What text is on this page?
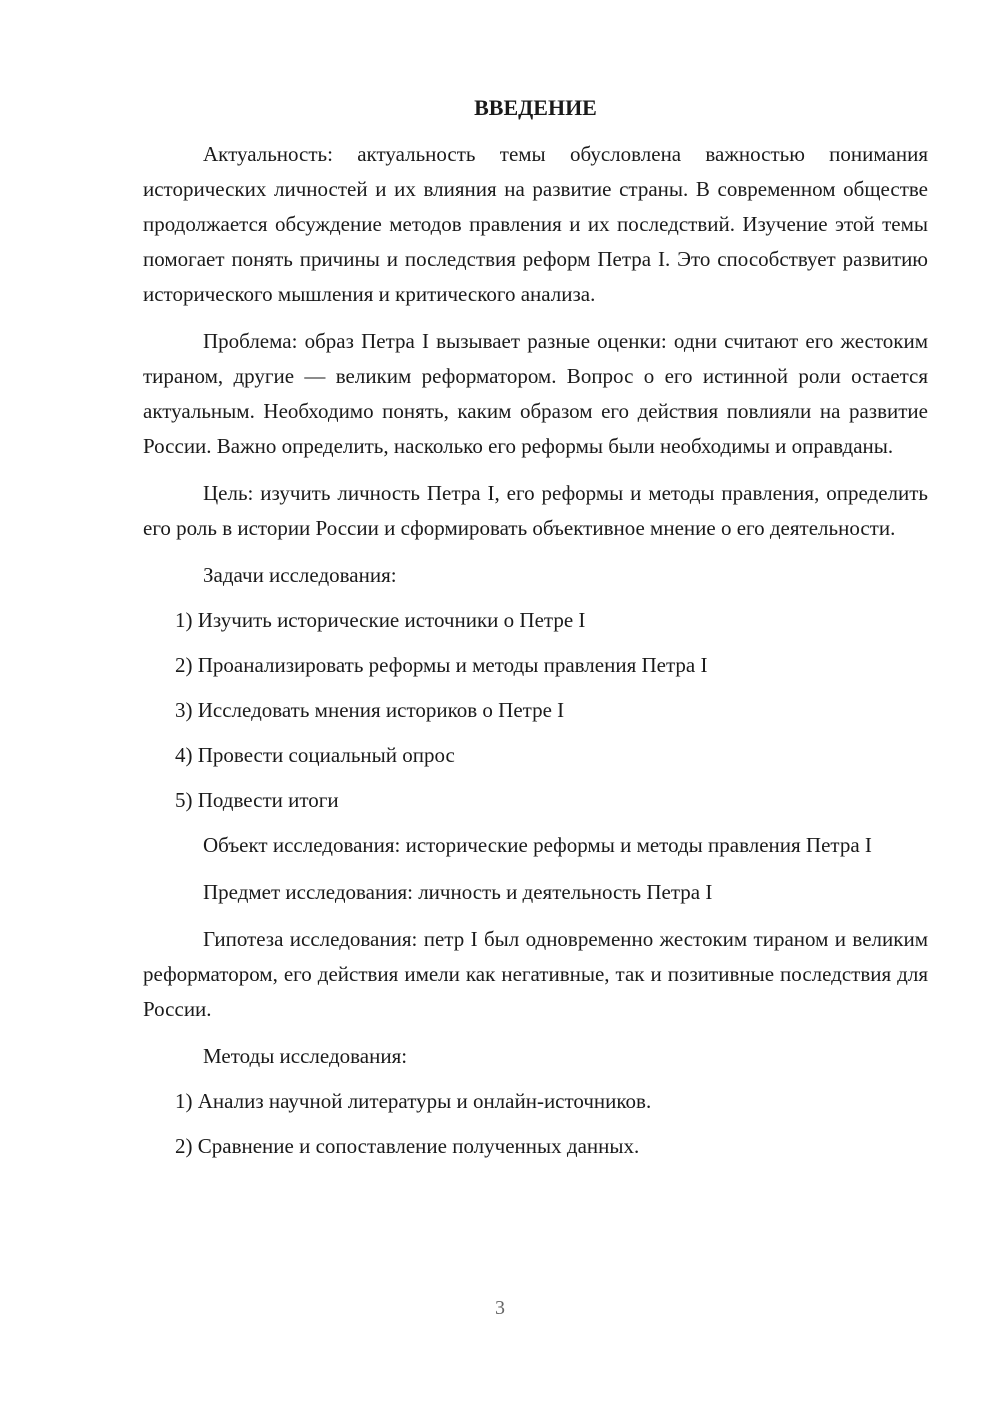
ВВЕДЕНИЕ

Актуальность: актуальность темы обусловлена важностью понимания исторических личностей и их влияния на развитие страны. В современном обществе продолжается обсуждение методов правления и их последствий. Изучение этой темы помогает понять причины и последствия реформ Петра I. Это способствует развитию исторического мышления и критического анализа.

Проблема: образ Петра I вызывает разные оценки: одни считают его жестоким тираном, другие — великим реформатором. Вопрос о его истинной роли остается актуальным. Необходимо понять, каким образом его действия повлияли на развитие России. Важно определить, насколько его реформы были необходимы и оправданы.

Цель: изучить личность Петра I, его реформы и методы правления, определить его роль в истории России и сформировать объективное мнение о его деятельности.

Задачи исследования:

1) Изучить исторические источники о Петре I
2) Проанализировать реформы и методы правления Петра I
3) Исследовать мнения историков о Петре I
4) Провести социальный опрос
5) Подвести итоги

Объект исследования: исторические реформы и методы правления Петра I

Предмет исследования: личность и деятельность Петра I

Гипотеза исследования: петр I был одновременно жестоким тираном и великим реформатором, его действия имели как негативные, так и позитивные последствия для России.

Методы исследования:

1) Анализ научной литературы и онлайн-источников.
2) Сравнение и сопоставление полученных данных.
3
